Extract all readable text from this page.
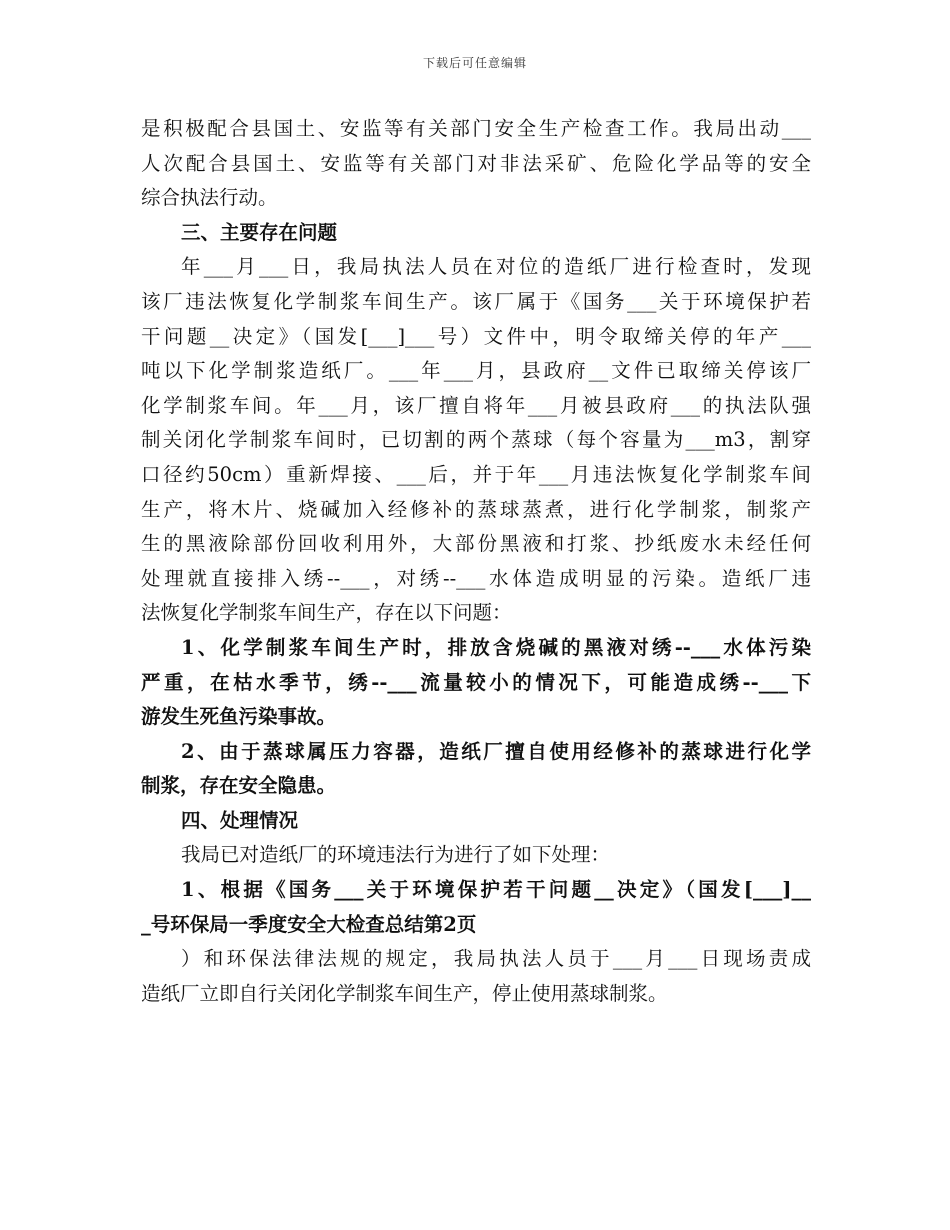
下载后可任意编辑
是积极配合县国土、安监等有关部门安全生产检查工作。我局出动___
人次配合县国土、安监等有关部门对非法采矿、危险化学品等的安全
综合执法行动。
三、主要存在问题
年___月___日，我局执法人员在对位的造纸厂进行检查时，发现
该厂违法恢复化学制浆车间生产。该厂属于《国务___关于环境保护若
干问题__决定》（国发[___]___号）文件中，明令取缔关停的年产___
吨以下化学制浆造纸厂。___年___月，县政府__文件已取缔关停该厂
化学制浆车间。年___月，该厂擅自将年___月被县政府___的执法队强
制关闭化学制浆车间时，已切割的两个蒸球（每个容量为___m3，割穿
口径约50cm）重新焊接、___后，并于年___月违法恢复化学制浆车间
生产，将木片、烧碱加入经修补的蒸球蒸煮，进行化学制浆，制浆产
生的黑液除部份回收利用外，大部份黑液和打浆、抄纸废水未经任何
处理就直接排入绣--___，对绣--___水体造成明显的污染。造纸厂违
法恢复化学制浆车间生产，存在以下问题：
1、化学制浆车间生产时，排放含烧碱的黑液对绣--___水体污染
严重，在枯水季节，绣--___流量较小的情况下，可能造成绣--___下
游发生死鱼污染事故。
2、由于蒸球属压力容器，造纸厂擅自使用经修补的蒸球进行化学
制浆，存在安全隐患。
四、处理情况
我局已对造纸厂的环境违法行为进行了如下处理：
1、根据《国务___关于环境保护若干问题__决定》（国发[___]__
_号环保局一季度安全大检查总结第2页
）和环保法律法规的规定，我局执法人员于___月___日现场责成
造纸厂立即自行关闭化学制浆车间生产，停止使用蒸球制浆。
